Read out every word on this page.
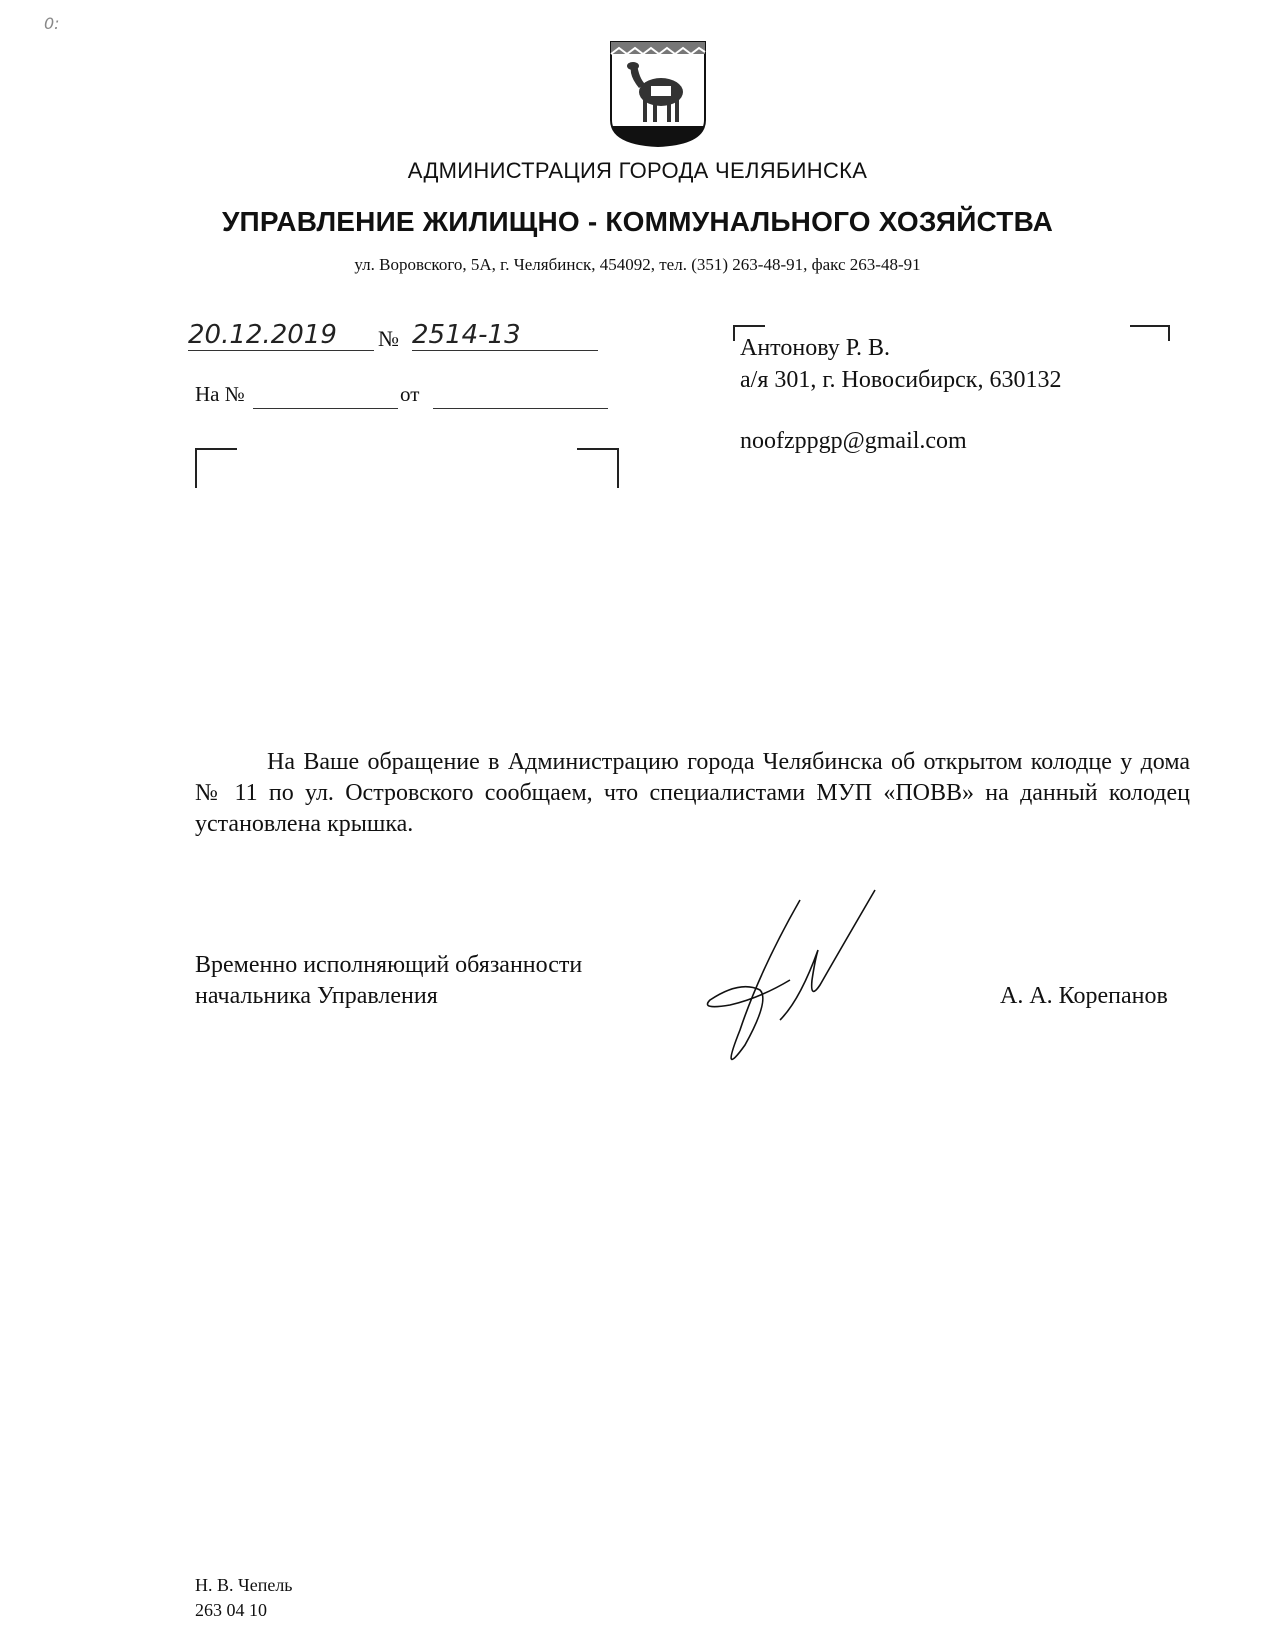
0:
АДМИНИСТРАЦИЯ ГОРОДА ЧЕЛЯБИНСКА
УПРАВЛЕНИЕ ЖИЛИЩНО - КОММУНАЛЬНОГО ХОЗЯЙСТВА
ул. Воровского, 5А, г. Челябинск, 454092, тел. (351) 263-48-91, факс 263-48-91
20.12.2019	№ 2514-13
На №	от
Антонову Р. В.
а/я 301, г. Новосибирск, 630132
noofzppgp@gmail.com
На Ваше обращение в Администрацию города Челябинска об открытом колодце у дома № 11 по ул. Островского сообщаем, что специалистами МУП «ПОВВ» на данный колодец установлена крышка.
Временно исполняющий обязанности
начальника Управления	А. А. Корепанов
Н. В. Чепель
263 04 10
